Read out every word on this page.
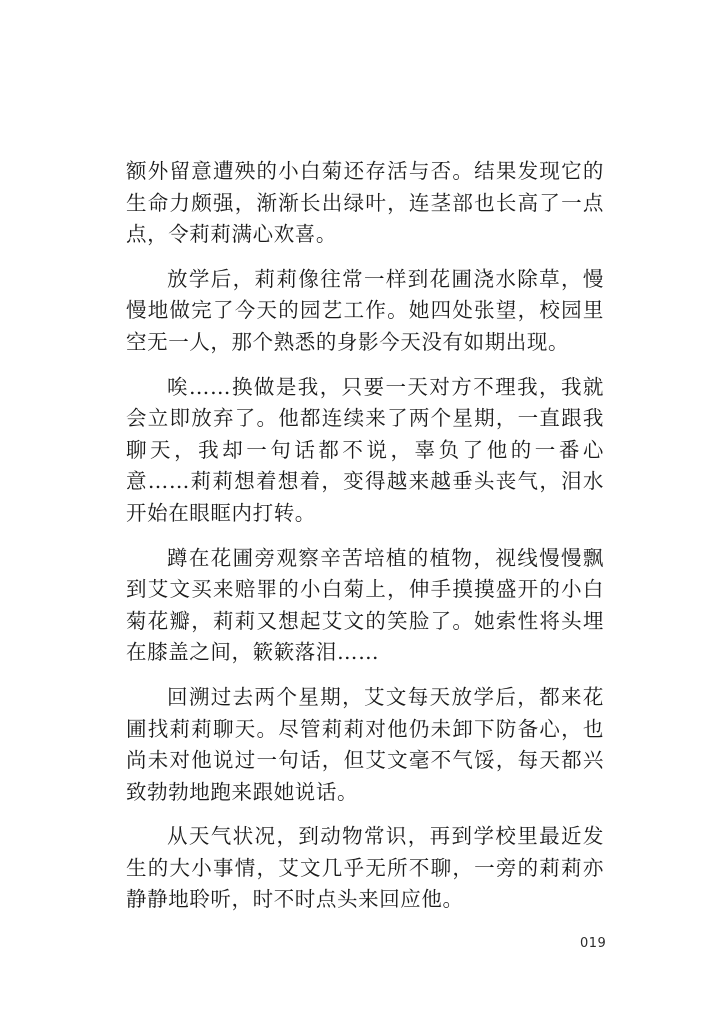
额外留意遭殃的小白菊还存活与否。结果发现它的生命力颇强，渐渐长出绿叶，连茎部也长高了一点点，令莉莉满心欢喜。

放学后，莉莉像往常一样到花圃浇水除草，慢慢地做完了今天的园艺工作。她四处张望，校园里空无一人，那个熟悉的身影今天没有如期出现。

唉……换做是我，只要一天对方不理我，我就会立即放弃了。他都连续来了两个星期，一直跟我聊天，我却一句话都不说，辜负了他的一番心意……莉莉想着想着，变得越来越垂头丧气，泪水开始在眼眶内打转。

蹲在花圃旁观察辛苦培植的植物，视线慢慢飘到艾文买来赔罪的小白菊上，伸手摸摸盛开的小白菊花瓣，莉莉又想起艾文的笑脸了。她索性将头埋在膝盖之间，簌簌落泪……

回溯过去两个星期，艾文每天放学后，都来花圃找莉莉聊天。尽管莉莉对他仍未卸下防备心，也尚未对他说过一句话，但艾文毫不气馁，每天都兴致勃勃地跑来跟她说话。

从天气状况，到动物常识，再到学校里最近发生的大小事情，艾文几乎无所不聊，一旁的莉莉亦静静地聆听，时不时点头来回应他。

019
